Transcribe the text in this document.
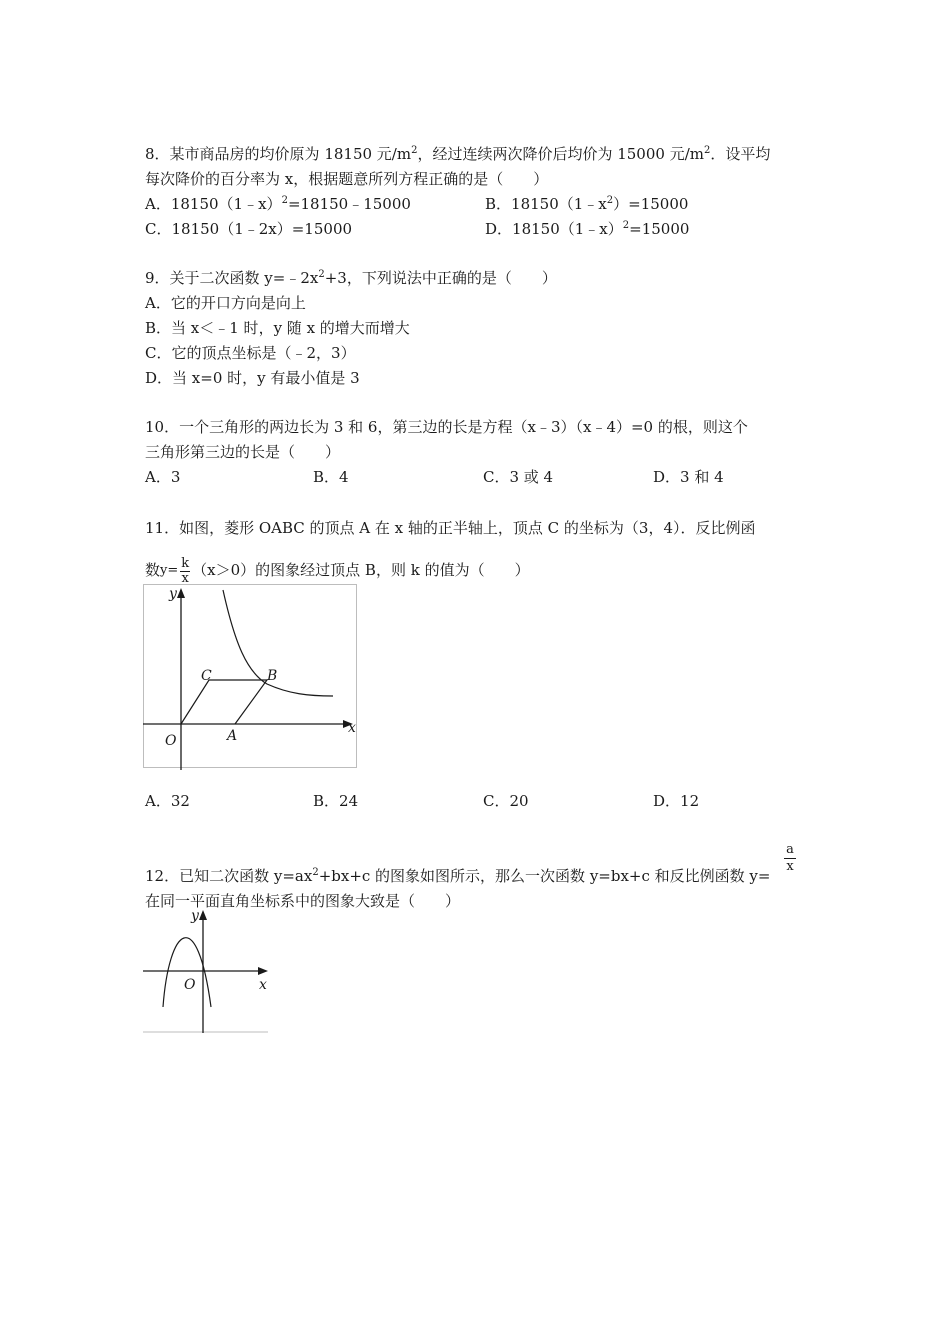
8．某市商品房的均价原为 18150 元$/m^2$，经过连续两次降价后均价为 15000 元$/m^2$．设平均
每次降价的百分率为 x，根据题意所列方程正确的是（　　）
A．18150（1﹣x）$^2$=18150﹣15000	B．$18150(1﹣x^2)=15000$
C．18150（1﹣2x）=15000	D．18150（1﹣x）$^2$=15000
9．关于二次函数 $y=﹣2x^2+3$，下列说法中正确的是（　　）
A．它的开口方向是向上
B．当 x＜﹣1 时，y 随 x 的增大而增大
C．它的顶点坐标是（﹣2，3）
D．当 x=0 时，y 有最小值是 3
10．一个三角形的两边长为 3 和 6，第三边的长是方程（x﹣3）（x﹣4）=0 的根，则这个
三角形第三边的长是（　　）
A．3	B．4	C．3 或 4	D．3 和 4
11．如图，菱形 OABC 的顶点 A 在 x 轴的正半轴上，顶点 C 的坐标为（3，4）．反比例函
数$y= \frac{k}{x} (x>0)$的图象经过顶点 B，则 k 的值为（　　）
y
x
O	A
B
C
A．32	B．24	C．20	D．12
12．已知二次函数 $y=ax^2+bx+c$ 的图象如图所示，那么一次函数 y=bx+c 和反比例函数 y=
$\frac{a}{x}$
在同一平面直角坐标系中的图象大致是（　　）
y
x
O
